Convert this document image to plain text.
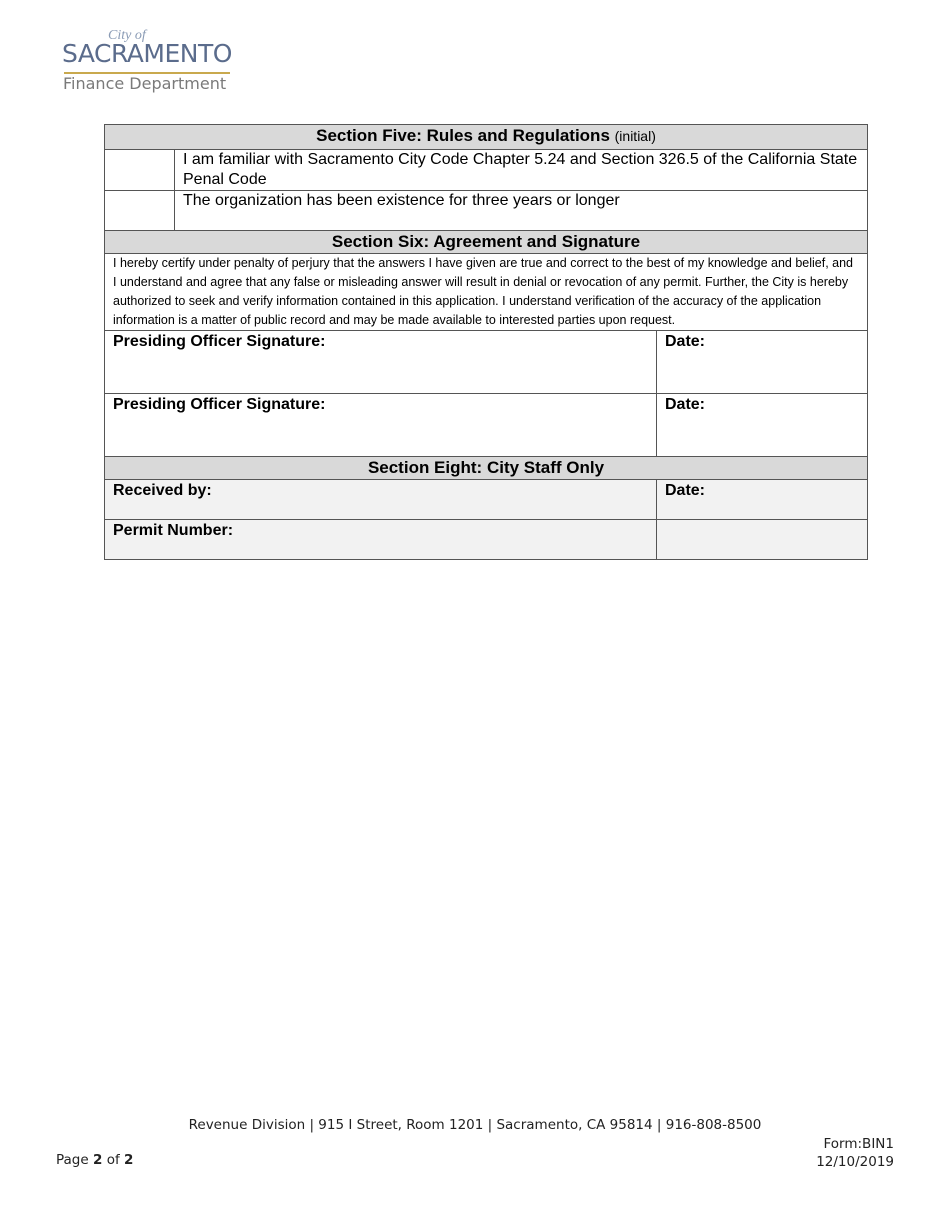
City of
SACRAMENTO
Finance Department
Section Five: Rules and Regulations (initial)		
	I am familiar with Sacramento City Code Chapter 5.24 and Section 326.5 of the California State Penal Code	
	The organization has been existence for three years or longer	
Section Six: Agreement and Signature		
I hereby certify under penalty of perjury that the answers I have given are true and correct to the best of my knowledge and belief, and I understand and agree that any false or misleading answer will result in denial or revocation of any permit. Further, the City is hereby authorized to seek and verify information contained in this application. I understand verification of the accuracy of the application information is a matter of public record and may be made available to interested parties upon request.		
Presiding Officer Signature:		Date:
Presiding Officer Signature:		Date:
Section Eight: City Staff Only		
Received by:		Date:
Permit Number:		
Revenue Division | 915 I Street, Room 1201 | Sacramento, CA 95814 | 916-808-8500
Page 2 of 2
Form:BIN1
12/10/2019
